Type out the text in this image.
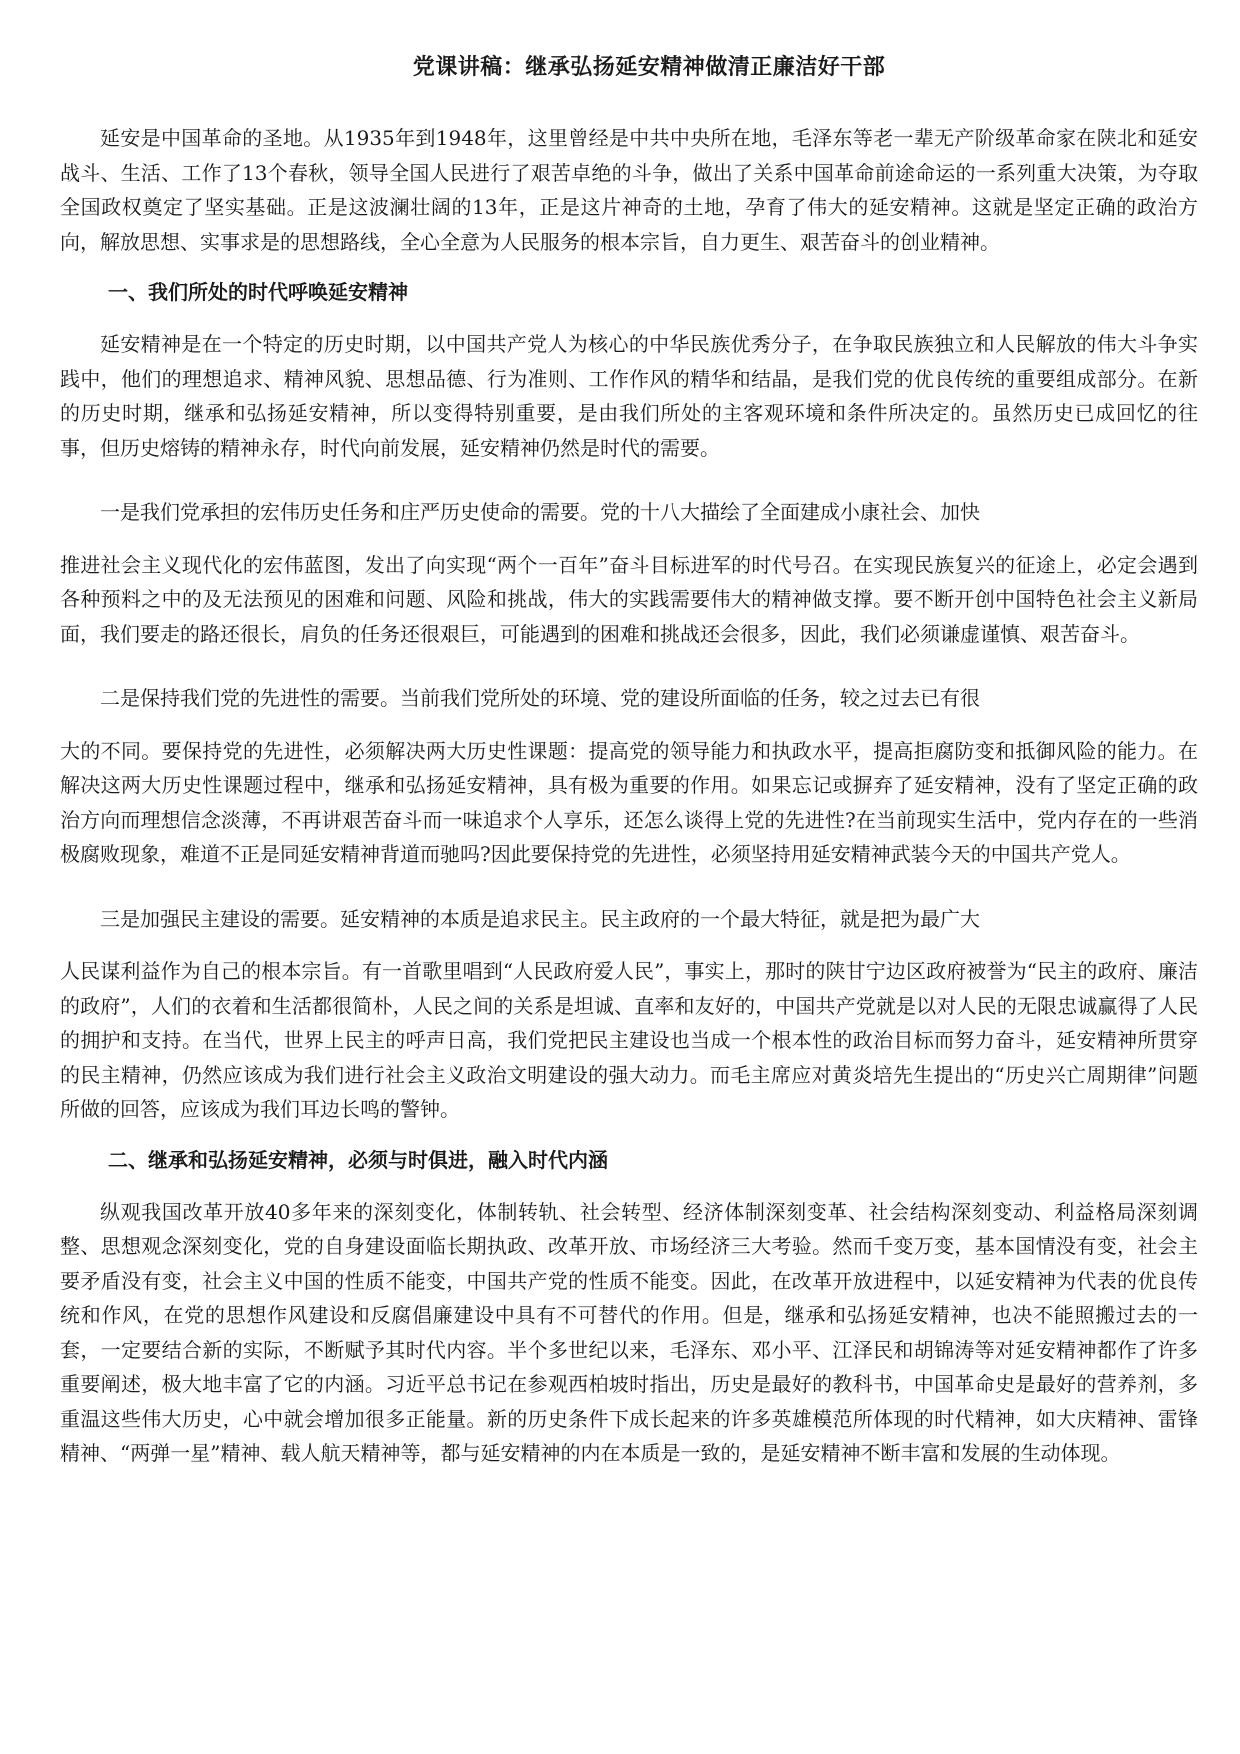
党课讲稿：继承弘扬延安精神做清正廉洁好干部

延安是中国革命的圣地。从1935年到1948年，这里曾经是中共中央所在地，毛泽东等老一辈无产阶级革命家在陕北和延安战斗、生活、工作了13个春秋，领导全国人民进行了艰苦卓绝的斗争，做出了关系中国革命前途命运的一系列重大决策，为夺取全国政权奠定了坚实基础。正是这波澜壮阔的13年，正是这片神奇的土地，孕育了伟大的延安精神。这就是坚定正确的政治方向，解放思想、实事求是的思想路线，全心全意为人民服务的根本宗旨，自力更生、艰苦奋斗的创业精神。

一、我们所处的时代呼唤延安精神

延安精神是在一个特定的历史时期，以中国共产党人为核心的中华民族优秀分子，在争取民族独立和人民解放的伟大斗争实践中，他们的理想追求、精神风貌、思想品德、行为准则、工作作风的精华和结晶，是我们党的优良传统的重要组成部分。在新的历史时期，继承和弘扬延安精神，所以变得特别重要，是由我们所处的主客观环境和条件所决定的。虽然历史已成回忆的往事，但历史熔铸的精神永存，时代向前发展，延安精神仍然是时代的需要。

一是我们党承担的宏伟历史任务和庄严历史使命的需要。党的十八大描绘了全面建成小康社会、加快

推进社会主义现代化的宏伟蓝图，发出了向实现“两个一百年”奋斗目标进军的时代号召。在实现民族复兴的征途上，必定会遇到各种预料之中的及无法预见的困难和问题、风险和挑战，伟大的实践需要伟大的精神做支撑。要不断开创中国特色社会主义新局面，我们要走的路还很长，肩负的任务还很艰巨，可能遇到的困难和挑战还会很多，因此，我们必须谦虚谨慎、艰苦奋斗。

二是保持我们党的先进性的需要。当前我们党所处的环境、党的建设所面临的任务，较之过去已有很

大的不同。要保持党的先进性，必须解决两大历史性课题：提高党的领导能力和执政水平，提高拒腐防变和抵御风险的能力。在解决这两大历史性课题过程中，继承和弘扬延安精神，具有极为重要的作用。如果忘记或摒弃了延安精神，没有了坚定正确的政治方向而理想信念淡薄，不再讲艰苦奋斗而一味追求个人享乐，还怎么谈得上党的先进性?在当前现实生活中，党内存在的一些消极腐败现象，难道不正是同延安精神背道而驰吗?因此要保持党的先进性，必须坚持用延安精神武装今天的中国共产党人。

三是加强民主建设的需要。延安精神的本质是追求民主。民主政府的一个最大特征，就是把为最广大

人民谋利益作为自己的根本宗旨。有一首歌里唱到“人民政府爱人民”，事实上，那时的陕甘宁边区政府被誉为“民主的政府、廉洁的政府”，人们的衣着和生活都很简朴，人民之间的关系是坦诚、直率和友好的，中国共产党就是以对人民的无限忠诚赢得了人民的拥护和支持。在当代，世界上民主的呼声日高，我们党把民主建设也当成一个根本性的政治目标而努力奋斗，延安精神所贯穿的民主精神，仍然应该成为我们进行社会主义政治文明建设的强大动力。而毛主席应对黄炎培先生提出的“历史兴亡周期律”问题所做的回答，应该成为我们耳边长鸣的警钟。

二、继承和弘扬延安精神，必须与时俱进，融入时代内涵

纵观我国改革开放40多年来的深刻变化，体制转轨、社会转型、经济体制深刻变革、社会结构深刻变动、利益格局深刻调整、思想观念深刻变化，党的自身建设面临长期执政、改革开放、市场经济三大考验。然而千变万变，基本国情没有变，社会主要矛盾没有变，社会主义中国的性质不能变，中国共产党的性质不能变。因此，在改革开放进程中，以延安精神为代表的优良传统和作风，在党的思想作风建设和反腐倡廉建设中具有不可替代的作用。但是，继承和弘扬延安精神，也决不能照搬过去的一套，一定要结合新的实际，不断赋予其时代内容。半个多世纪以来，毛泽东、邓小平、江泽民和胡锦涛等对延安精神都作了许多重要阐述，极大地丰富了它的内涵。习近平总书记在参观西柏坡时指出，历史是最好的教科书，中国革命史是最好的营养剂，多重温这些伟大历史，心中就会增加很多正能量。新的历史条件下成长起来的许多英雄模范所体现的时代精神，如大庆精神、雷锋精神、“两弹一星”精神、载人航天精神等，都与延安精神的内在本质是一致的，是延安精神不断丰富和发展的生动体现。
